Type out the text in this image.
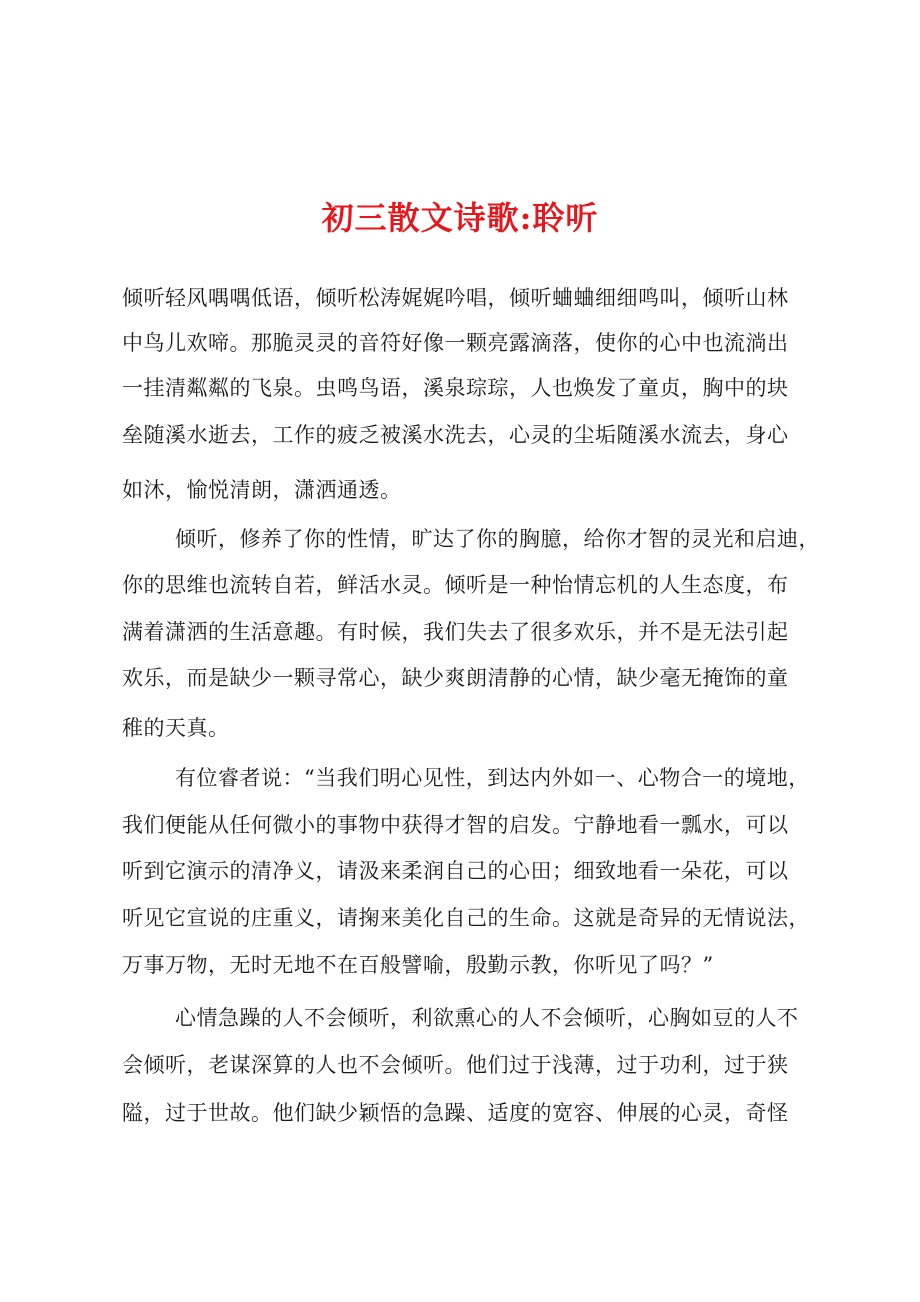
初三散文诗歌:聆听

倾听轻风喁喁低语，倾听松涛娓娓吟唱，倾听蛐蛐细细鸣叫，倾听山林

中鸟儿欢啼。那脆灵灵的音符好像一颗亮露滴落，使你的心中也流淌出

一挂清粼粼的飞泉。虫鸣鸟语，溪泉琮琮，人也焕发了童贞，胸中的块

垒随溪水逝去，工作的疲乏被溪水洗去，心灵的尘垢随溪水流去，身心

如沐，愉悦清朗，潇洒通透。

倾听，修养了你的性情，旷达了你的胸臆，给你才智的灵光和启迪，

你的思维也流转自若，鲜活水灵。倾听是一种怡情忘机的人生态度，布

满着潇洒的生活意趣。有时候，我们失去了很多欢乐，并不是无法引起

欢乐，而是缺少一颗寻常心，缺少爽朗清静的心情，缺少毫无掩饰的童

稚的天真。

有位睿者说：“当我们明心见性，到达内外如一、心物合一的境地，

我们便能从任何微小的事物中获得才智的启发。宁静地看一瓢水，可以

听到它演示的清净义，请汲来柔润自己的心田；细致地看一朵花，可以

听见它宣说的庄重义，请掬来美化自己的生命。这就是奇异的无情说法，

万事万物，无时无地不在百般譬喻，殷勤示教，你听见了吗？”

心情急躁的人不会倾听，利欲熏心的人不会倾听，心胸如豆的人不

会倾听，老谋深算的人也不会倾听。他们过于浅薄，过于功利，过于狭

隘，过于世故。他们缺少颖悟的急躁、适度的宽容、伸展的心灵，奇怪
